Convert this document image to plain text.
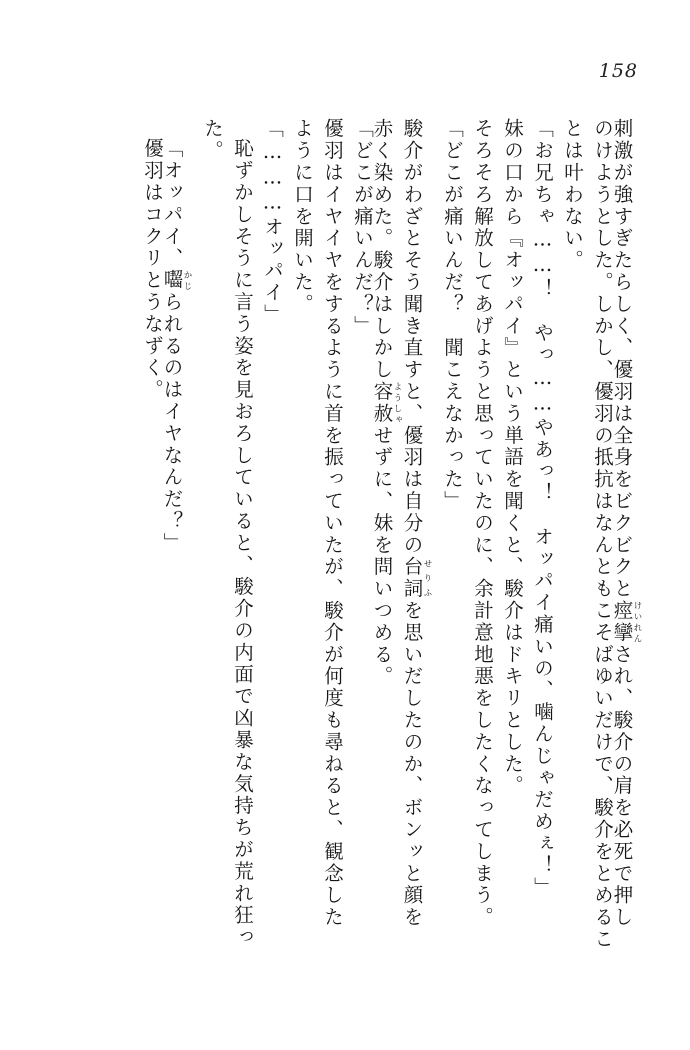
158
刺激が強すぎたらしく、優羽は全身をビクビクと痙攣けいれんされ、駿介の肩を必死で押し
のけようとした。しかし、優羽の抵抗はなんともこそばゆいだけで、駿介をとめるこ
とは叶わない。
「お兄ちゃ……！　やっ……やあっ！　オッパイ痛いの、噛んじゃだめぇ！」
妹の口から『オッパイ』という単語を聞くと、駿介はドキリとした。
そろそろ解放してあげようと思っていたのに、余計意地悪をしたくなってしまう。
「どこが痛いんだ？　聞こえなかった」
駿介がわざとそう聞き直すと、優羽は自分の台詞せりふを思いだしたのか、ボンッと顔を
赤く染めた。駿介はしかし容赦ようしゃせずに、妹を問いつめる。
「どこが痛いんだ？」
優羽はイヤイヤをするように首を振っていたが、駿介が何度も尋ねると、観念した
ように口を開いた。
「………オッパイ」
恥ずかしそうに言う姿を見おろしていると、駿介の内面で凶暴な気持ちが荒れ狂っ
た。
「オッパイ、囓かじられるのはイヤなんだ？」
優羽はコクリとうなずく。
